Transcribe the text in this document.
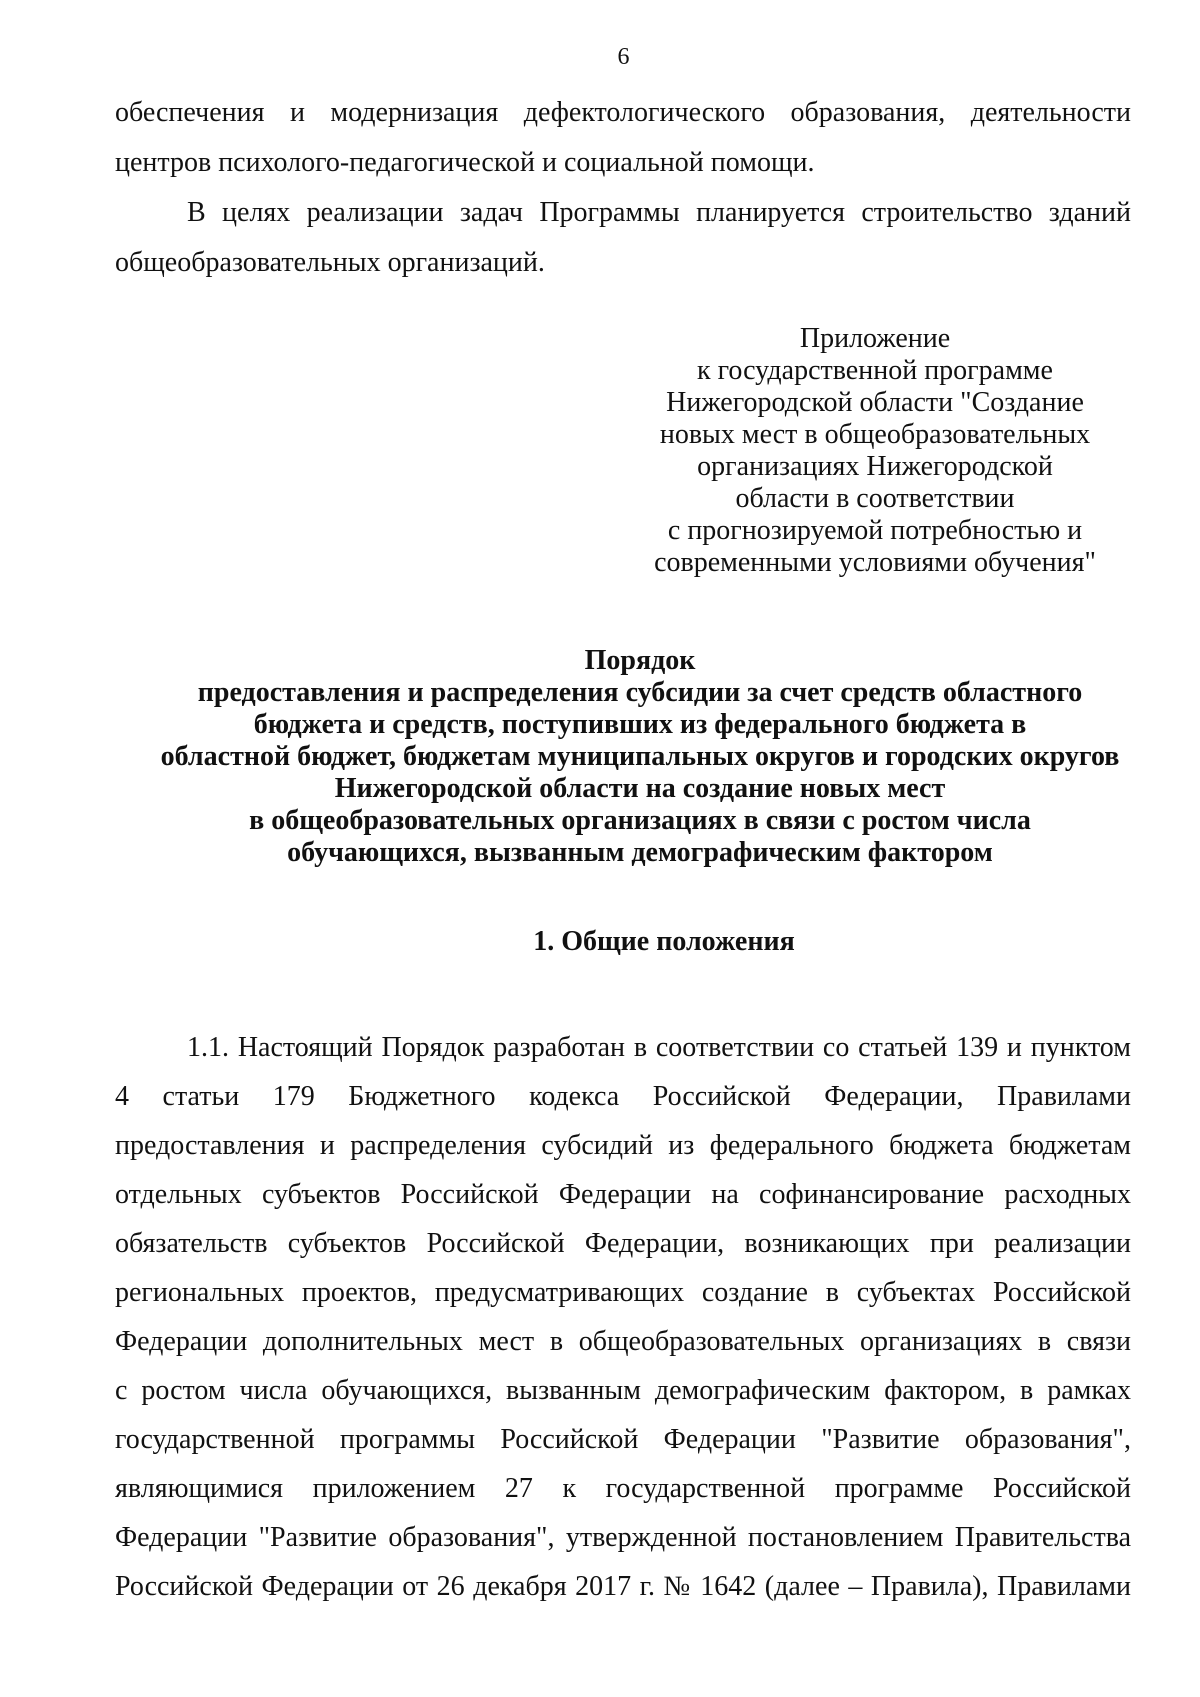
6

обеспечения и модернизация дефектологического образования, деятельности

центров психолого-педагогической и социальной помощи.

В целях реализации задач Программы планируется строительство зданий общеобразовательных организаций.

Приложение
к государственной программе
Нижегородской области "Создание
новых мест в общеобразовательных
организациях Нижегородской
области в соответствии
с прогнозируемой потребностью и
современными условиями обучения"
Порядок
предоставления и распределения субсидии за счет средств областного
бюджета и средств, поступивших из федерального бюджета в
областной бюджет, бюджетам муниципальных округов и городских округов
Нижегородской области на создание новых мест
в общеобразовательных организациях в связи с ростом числа
обучающихся, вызванным демографическим фактором
1. Общие положения
1.1. Настоящий Порядок разработан в соответствии со статьей 139 и пунктом
4 статьи 179 Бюджетного кодекса Российской Федерации, Правилами
предоставления и распределения субсидий из федерального бюджета бюджетам
отдельных субъектов Российской Федерации на софинансирование расходных
обязательств субъектов Российской Федерации, возникающих при реализации
региональных проектов, предусматривающих создание в субъектах Российской
Федерации дополнительных мест в общеобразовательных организациях в связи
с ростом числа обучающихся, вызванным демографическим фактором, в рамках
государственной программы Российской Федерации "Развитие образования",
являющимися приложением 27 к государственной программе Российской
Федерации "Развитие образования", утвержденной постановлением Правительства
Российской Федерации от 26 декабря 2017 г. № 1642 (далее – Правила), Правилами
